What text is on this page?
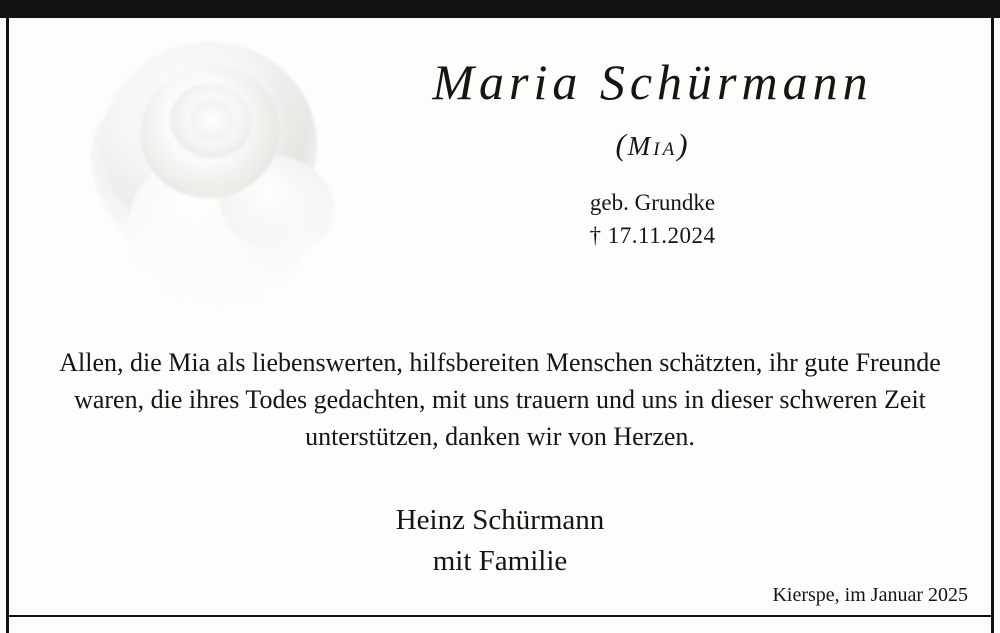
Maria Schürmann
(Mia)
geb. Grundke
† 17.11.2024
Allen, die Mia als liebenswerten, hilfsbereiten Menschen schätzten, ihr gute Freunde waren, die ihres Todes gedachten, mit uns trauern und uns in dieser schweren Zeit unterstützen, danken wir von Herzen.
Heinz Schürmann
mit Familie
Kierspe, im Januar 2025
